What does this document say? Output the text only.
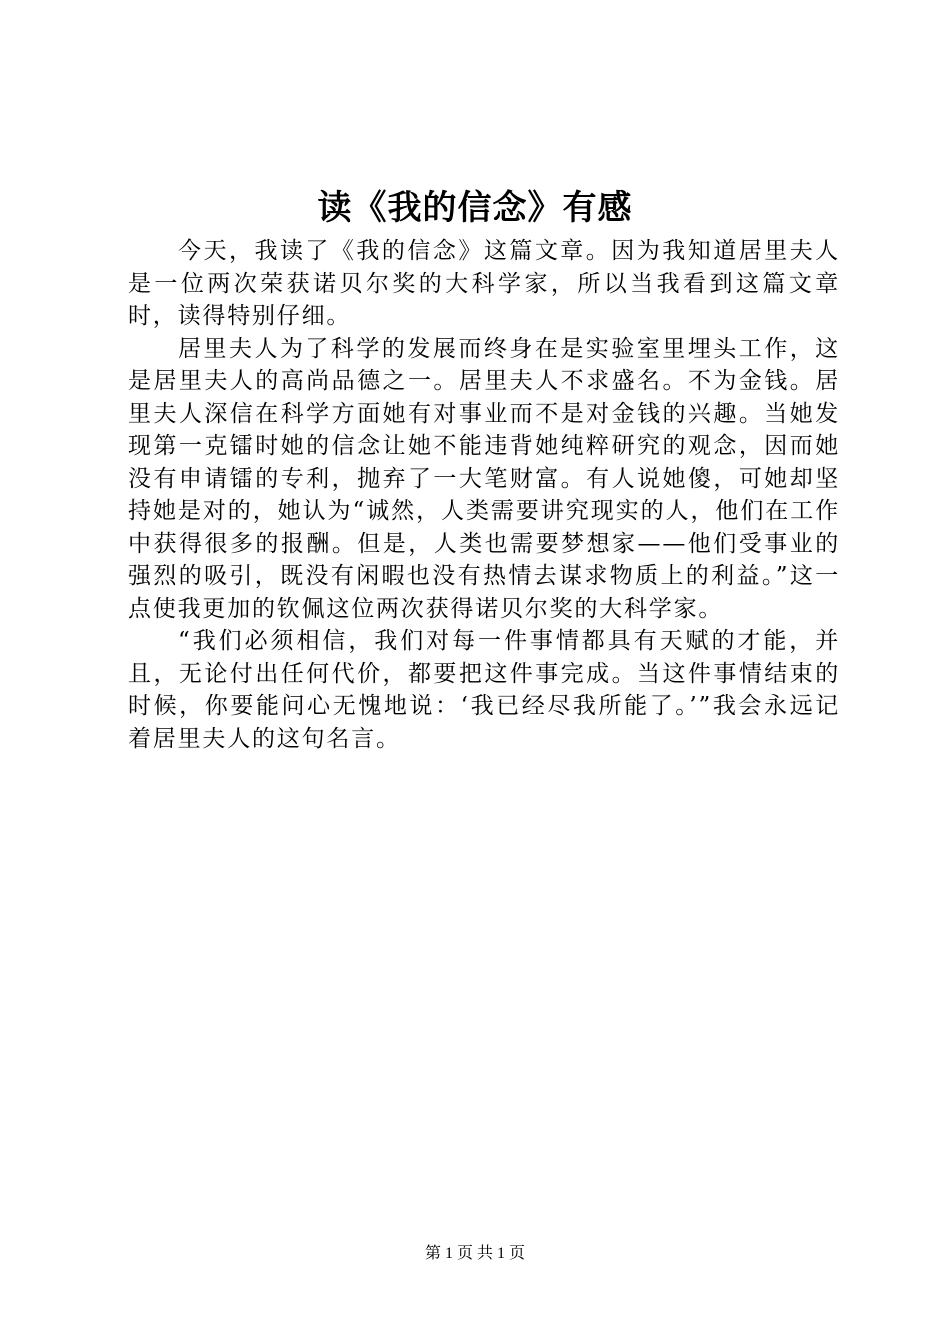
读《我的信念》有感

今天，我读了《我的信念》这篇文章。因为我知道居里夫人是一位两次荣获诺贝尔奖的大科学家，所以当我看到这篇文章时，读得特别仔细。

居里夫人为了科学的发展而终身在是实验室里埋头工作，这是居里夫人的高尚品德之一。居里夫人不求盛名。不为金钱。居里夫人深信在科学方面她有对事业而不是对金钱的兴趣。当她发现第一克镭时她的信念让她不能违背她纯粹研究的观念，因而她没有申请镭的专利，抛弃了一大笔财富。有人说她傻，可她却坚持她是对的，她认为“诚然，人类需要讲究现实的人，他们在工作中获得很多的报酬。但是，人类也需要梦想家——他们受事业的强烈的吸引，既没有闲暇也没有热情去谋求物质上的利益。”这一点使我更加的钦佩这位两次获得诺贝尔奖的大科学家。

“我们必须相信，我们对每一件事情都具有天赋的才能，并且，无论付出任何代价，都要把这件事完成。当这件事情结束的时候，你要能问心无愧地说：‘我已经尽我所能了。’”我会永远记着居里夫人的这句名言。

第 1 页 共 1 页
